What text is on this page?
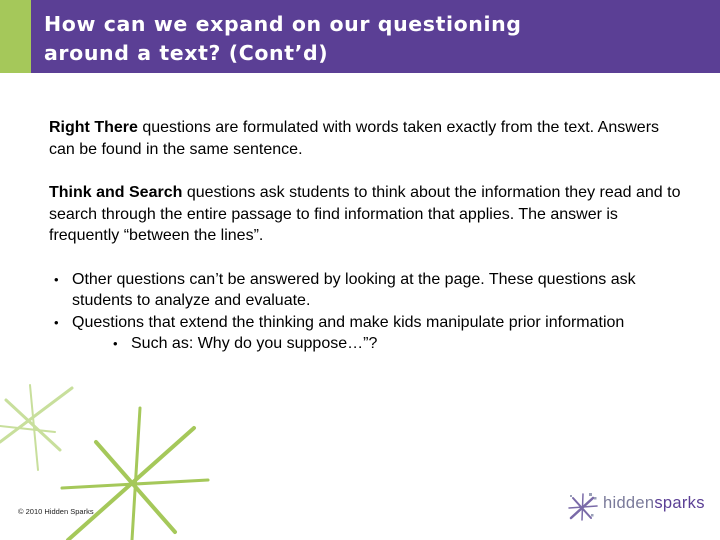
How can we expand on our questioning
around a text? (Cont’d)

Right There questions are formulated with words taken exactly from the text. Answers can be found in the same sentence.

Think and Search questions ask students to think about the information they read and to search through the entire passage to find information that applies. The answer is frequently “between the lines”.

• Other questions can’t be answered by looking at the page. These questions ask students to analyze and evaluate.
• Questions that extend the thinking and make kids manipulate prior information
• Such as: Why do you suppose…”?
© 2010 Hidden Sparks	hiddensparks
